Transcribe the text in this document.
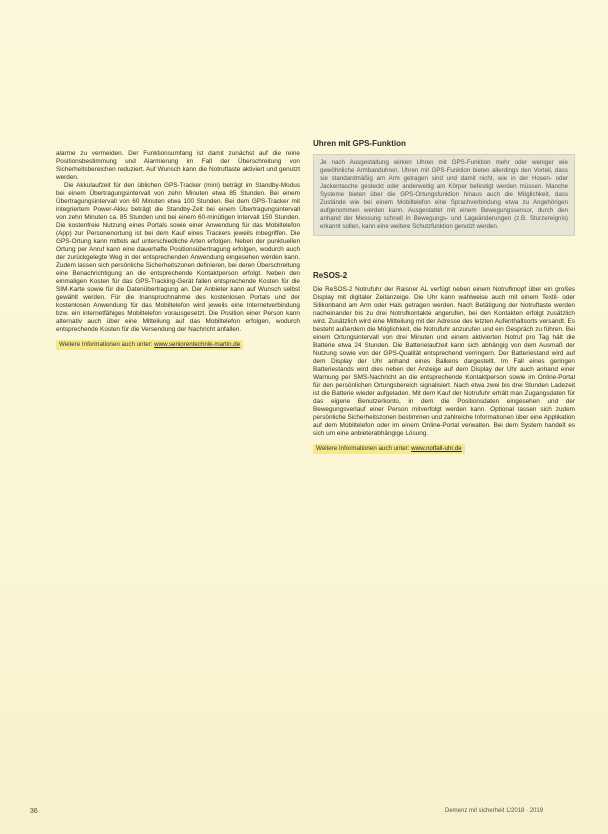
alarme zu vermeiden. Der Funktionsumfang ist damit zunächst auf die reine Positionsbestimmung und Alarmierung im Fall der Überschreitung von Sicherheitsbereichen reduziert. Auf Wunsch kann die Notruftaste aktiviert und genutzt werden.

Die Akkulaufzeit für den üblichen GPS-Tracker (mini) beträgt im Standby-Modus bei einem Übertragungsintervall von zehn Minuten etwa 85 Stunden. Bei einem Übertragungsintervall von 60 Minuten etwa 100 Stunden. Bei dem GPS-Tracker mit integriertem Power-Akku beträgt die Standby-Zeit bei einem Übertragungsintervall von zehn Minuten ca. 85 Stunden und bei einem 60-minütigen Intervall 150 Stunden. Die kostenfreie Nutzung eines Portals sowie einer Anwendung für das Mobiltelefon (App) zur Personenortung ist bei dem Kauf eines Trackers jeweils inbegriffen. Die GPS-Ortung kann mittels auf unterschiedliche Arten erfolgen. Neben der punktuellen Ortung per Anruf kann eine dauerhafte Positionsübertragung erfolgen, wodurch auch der zurückgelegte Weg in der entsprechenden Anwendung eingesehen werden kann. Zudem lassen sich persönliche Sicherheitszonen definieren, bei deren Überschreitung eine Benachrichtigung an die entsprechende Kontaktperson erfolgt. Neben den einmaligen Kosten für das GPS-Tracking-Gerät fallen entsprechende Kosten für die SIM-Karte sowie für die Datenübertragung an. Der Anbieter kann auf Wunsch selbst gewählt werden. Für die Inanspruchnahme des kostenlosen Portals und der kostenlosen Anwendung für das Mobiltelefon wird jeweils eine Internetverbindung bzw. ein internetfähiges Mobiltelefon vorausgesetzt. Die Position einer Person kann alternativ auch über eine Mitteilung auf das Mobiltelefon erfolgen, wodurch entsprechende Kosten für die Versendung der Nachricht anfallen.

Weitere Informationen auch unter: www.seniorentechnik-martin.de
Uhren mit GPS-Funktion
Je nach Ausgestaltung wirken Uhren mit GPS-Funktion mehr oder weniger wie gewöhnliche Armbanduhren. Uhren mit GPS-Funktion bieten allerdings den Vorteil, dass sie standardmäßig am Arm getragen sind und damit nicht, wie in der Hosen- oder Jackentasche gesteckt oder anderweitig am Körper befestigt werden müssen. Manche Systeme bieten über die GPS-Ortungsfunktion hinaus auch die Möglichkeit, dass Zustände wie bei einem Mobiltelefon eine Sprachverbindung etwa zu Angehörigen aufgenommen werden kann. Ausgestattet mit einem Bewegungssensor, durch den anhand der Messung schnell in Bewegungs- und Lageänderungen (z.B. Sturzereignis) erkannt sollen, kann eine weitere Schutzfunktion genutzt werden.
ReSOS-2

Die ReSOS-2 Notrufuhr der Raisner AL verfügt neben einem Notrufknopf über ein großes Display mit digitaler Zeitanzeige. Die Uhr kann wahlweise auch mit einem Textil- oder Silikonband am Arm oder Hals getragen werden. Nach Betätigung der Notruftaste werden nacheinander bis zu drei Notrufkontakte angerufen, bei den Kontakten erfolgt zusätzlich wird. Zusätzlich wird eine Mitteilung mit der Adresse des letzten Aufenthaltsorts versandt. Es besteht außerdem die Möglichkeit, die Notrufuhr anzurufen und ein Gespräch zu führen. Bei einem Ortungsintervall von drei Minuten und einem aktivierten Notruf pro Tag hält die Batterie etwa 24 Stunden. Die Batterielaufzeit kann sich abhängig von dem Ausmaß der Nutzung sowie von der GPS-Qualität entsprechend verringern. Der Batteriestand wird auf dem Display der Uhr anhand eines Balkens dargestellt. Im Fall eines geringen Batteriestands wird dies neben der Anzeige auf dem Display der Uhr auch anhand einer Warnung per SMS-Nachricht an die entsprechende Kontaktperson sowie im Online-Portal für den persönlichen Ortungsbereich signalisiert. Nach etwa zwei bis drei Stunden Ladezeit ist die Batterie wieder aufgeladen. Mit dem Kauf der Notrufuhr erhält man Zugangsdaten für das eigene Benutzerkonto, in dem die Positionsdaten eingesehen und der Bewegungsverlauf einer Person mitverfolgt werden kann. Optional lassen sich zudem persönliche Sicherheitszonen bestimmen und zahlreiche Informationen über eine Applikation auf dem Mobiltelefon oder im einem Online-Portal verwalten. Bei dem System handelt es sich um eine anbieterabhängige Lösung.

Weitere Informationen auch unter: www.notfall-uhr.de
36	Demenz mit sicherheit 1/2018 · 2019
